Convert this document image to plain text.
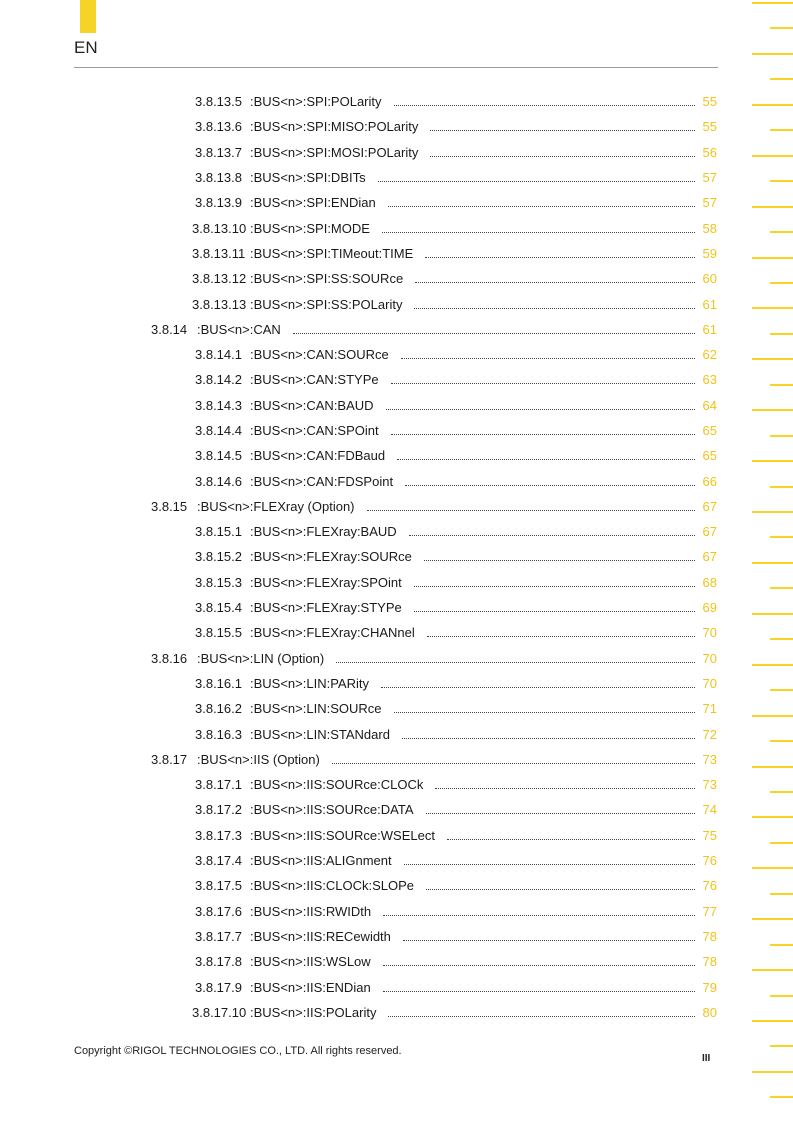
EN
3.8.13.5 :BUS<n>:SPI:POLarity	55
3.8.13.6 :BUS<n>:SPI:MISO:POLarity	55
3.8.13.7 :BUS<n>:SPI:MOSI:POLarity	56
3.8.13.8 :BUS<n>:SPI:DBITs	57
3.8.13.9 :BUS<n>:SPI:ENDian	57
3.8.13.10 :BUS<n>:SPI:MODE	58
3.8.13.11 :BUS<n>:SPI:TIMeout:TIME	59
3.8.13.12 :BUS<n>:SPI:SS:SOURce	60
3.8.13.13 :BUS<n>:SPI:SS:POLarity	61
3.8.14 :BUS<n>:CAN	61
3.8.14.1 :BUS<n>:CAN:SOURce	62
3.8.14.2 :BUS<n>:CAN:STYPe	63
3.8.14.3 :BUS<n>:CAN:BAUD	64
3.8.14.4 :BUS<n>:CAN:SPOint	65
3.8.14.5 :BUS<n>:CAN:FDBaud	65
3.8.14.6 :BUS<n>:CAN:FDSPoint	66
3.8.15 :BUS<n>:FLEXray (Option)	67
3.8.15.1 :BUS<n>:FLEXray:BAUD	67
3.8.15.2 :BUS<n>:FLEXray:SOURce	67
3.8.15.3 :BUS<n>:FLEXray:SPOint	68
3.8.15.4 :BUS<n>:FLEXray:STYPe	69
3.8.15.5 :BUS<n>:FLEXray:CHANnel	70
3.8.16 :BUS<n>:LIN (Option)	70
3.8.16.1 :BUS<n>:LIN:PARity	70
3.8.16.2 :BUS<n>:LIN:SOURce	71
3.8.16.3 :BUS<n>:LIN:STANdard	72
3.8.17 :BUS<n>:IIS (Option)	73
3.8.17.1 :BUS<n>:IIS:SOURce:CLOCk	73
3.8.17.2 :BUS<n>:IIS:SOURce:DATA	74
3.8.17.3 :BUS<n>:IIS:SOURce:WSELect	75
3.8.17.4 :BUS<n>:IIS:ALIGnment	76
3.8.17.5 :BUS<n>:IIS:CLOCk:SLOPe	76
3.8.17.6 :BUS<n>:IIS:RWIDth	77
3.8.17.7 :BUS<n>:IIS:RECewidth	78
3.8.17.8 :BUS<n>:IIS:WSLow	78
3.8.17.9 :BUS<n>:IIS:ENDian	79
3.8.17.10 :BUS<n>:IIS:POLarity	80
Copyright ©RIGOL TECHNOLOGIES CO., LTD. All rights reserved.
III
